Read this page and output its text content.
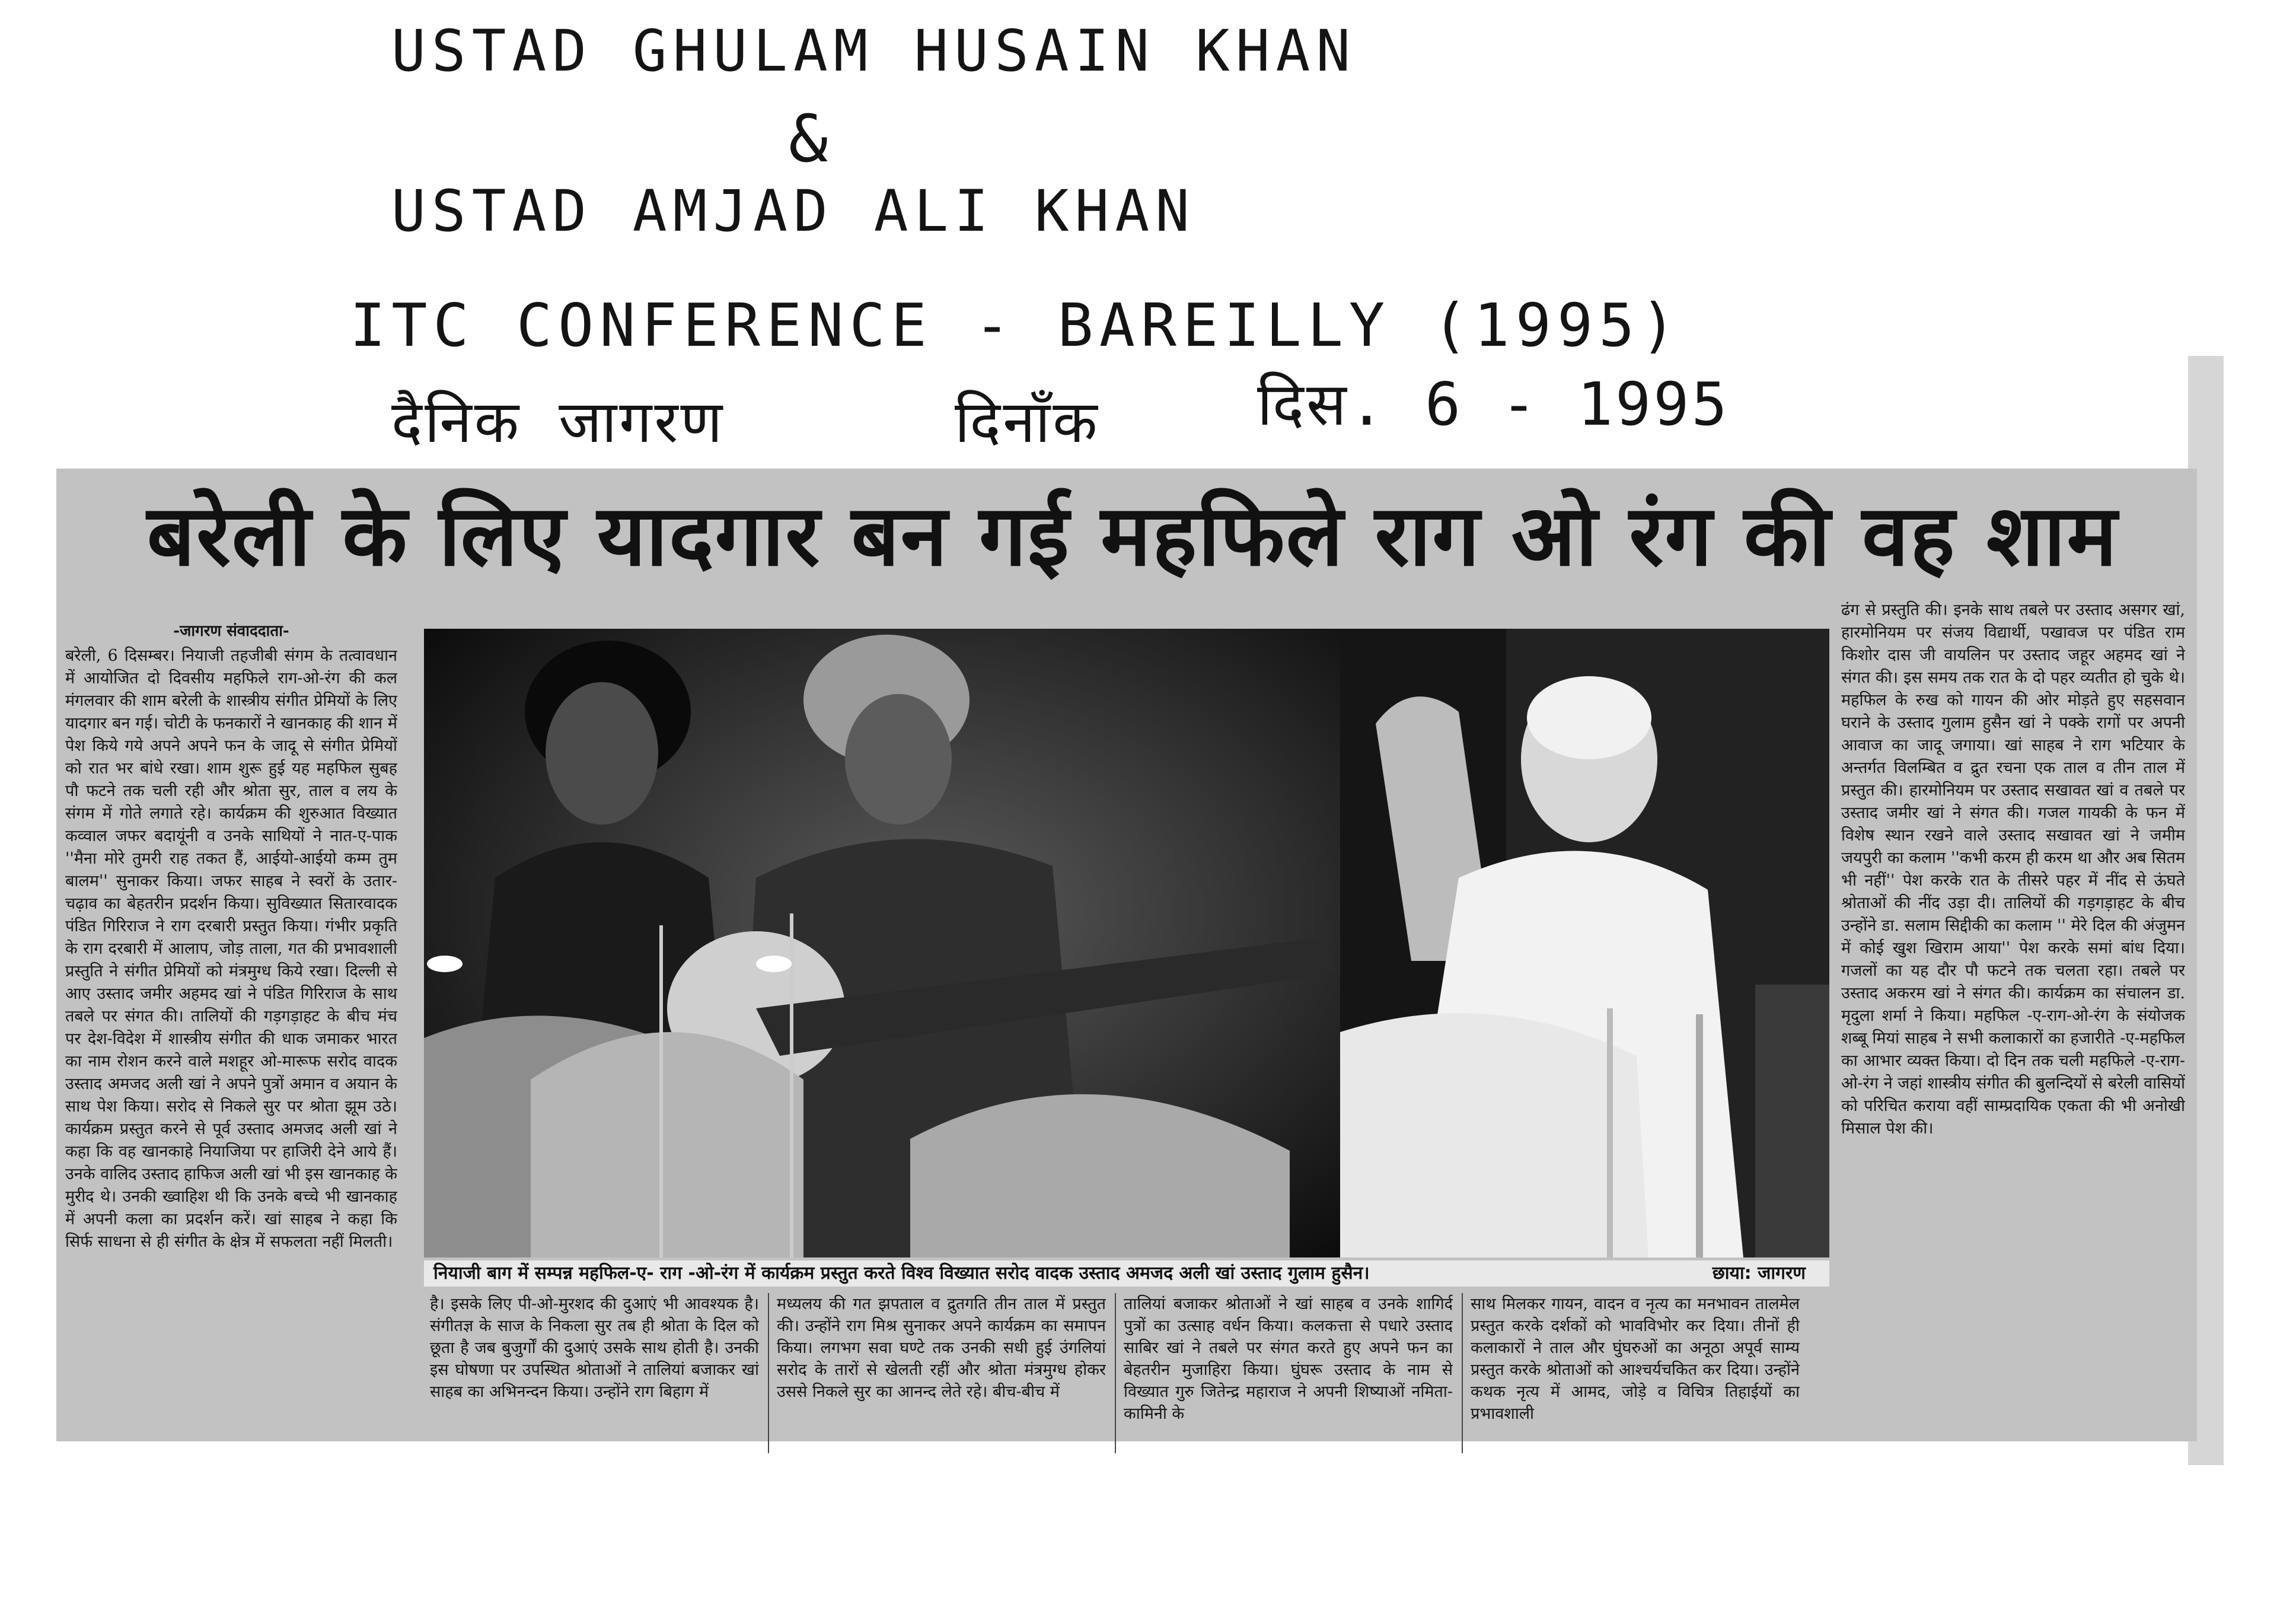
USTAD GHULAM HUSAIN KHAN
&
USTAD AMJAD ALI KHAN
ITC CONFERENCE - BAREILLY (1995)
दैनिक जागरण	दिनाँक	दिस. 6 - 1995
बरेली के लिए यादगार बन गई महफिले राग ओ रंग की वह शाम
-जागरण संवाददाता-
बरेली, 6 दिसम्बर। नियाजी तहजीबी संगम के तत्वावधान में आयोजित दो दिवसीय महफिले राग-ओ-रंग की कल मंगलवार की शाम बरेली के शास्त्रीय संगीत प्रेमियों के लिए यादगार बन गई। चोटी के फनकारों ने खानकाह की शान में पेश किये गये अपने अपने फन के जादू से संगीत प्रेमियों को रात भर बांधे रखा। शाम शुरू हुई यह महफिल सुबह पौ फटने तक चली रही और श्रोता सुर, ताल व लय के संगम में गोते लगाते रहे। कार्यक्रम की शुरुआत विख्यात कव्वाल जफर बदायूंनी व उनके साथियों ने नात-ए-पाक ''मैना मोरे तुमरी राह तकत हैं, आईयो-आईयो कम्म तुम बालम'' सुनाकर किया। जफर साहब ने स्वरों के उतार-चढ़ाव का बेहतरीन प्रदर्शन किया। सुविख्यात सितारवादक पंडित गिरिराज ने राग दरबारी प्रस्तुत किया। गंभीर प्रकृति के राग दरबारी में आलाप, जोड़ ताला, गत की प्रभावशाली प्रस्तुति ने संगीत प्रेमियों को मंत्रमुग्ध किये रखा। दिल्ली से आए उस्ताद जमीर अहमद खां ने पंडित गिरिराज के साथ तबले पर संगत की। तालियों की गड़गड़ाहट के बीच मंच पर देश-विदेश में शास्त्रीय संगीत की धाक जमाकर भारत का नाम रोशन करने वाले मशहूर ओ-मारूफ सरोद वादक उस्ताद अमजद अली खां ने अपने पुत्रों अमान व अयान के साथ पेश किया। सरोद से निकले सुर पर श्रोता झूम उठे। कार्यक्रम प्रस्तुत करने से पूर्व उस्ताद अमजद अली खां ने कहा कि वह खानकाहे नियाजिया पर हाजिरी देने आये हैं। उनके वालिद उस्ताद हाफिज अली खां भी इस खानकाह के मुरीद थे। उनकी ख्वाहिश थी कि उनके बच्चे भी खानकाह में अपनी कला का प्रदर्शन करें। खां साहब ने कहा कि सिर्फ साधना से ही संगीत के क्षेत्र में सफलता नहीं मिलती।
नियाजी बाग में सम्पन्न महफिल-ए- राग -ओ-रंग में कार्यक्रम प्रस्तुत करते विश्व विख्यात सरोद वादक उस्ताद अमजद अली खां उस्ताद गुलाम हुसैन।	छाया: जागरण
है। इसके लिए पी-ओ-मुरशद की दुआएं भी आवश्यक है। संगीतज्ञ के साज के निकला सुर तब ही श्रोता के दिल को छूता है जब बुजुर्गों की दुआएं उसके साथ होती है। उनकी इस घोषणा पर उपस्थित श्रोताओं ने तालियां बजाकर खां साहब का अभिनन्दन किया। उन्होंने राग बिहाग में
मध्यलय की गत झपताल व द्रुतगति तीन ताल में प्रस्तुत की। उन्होंने राग मिश्र सुनाकर अपने कार्यक्रम का समापन किया। लगभग सवा घण्टे तक उनकी सधी हुई उंगलियां सरोद के तारों से खेलती रहीं और श्रोता मंत्रमुग्ध होकर उससे निकले सुर का आनन्द लेते रहे। बीच-बीच में
तालियां बजाकर श्रोताओं ने खां साहब व उनके शागिर्द पुत्रों का उत्साह वर्धन किया। कलकत्ता से पधारे उस्ताद साबिर खां ने तबले पर संगत करते हुए अपने फन का बेहतरीन मुजाहिरा किया। घुंघरू उस्ताद के नाम से विख्यात गुरु जितेन्द्र महाराज ने अपनी शिष्याओं नमिता-कामिनी के
साथ मिलकर गायन, वादन व नृत्य का मनभावन तालमेल प्रस्तुत करके दर्शकों को भावविभोर कर दिया। तीनों ही कलाकारों ने ताल और घुंघरुओं का अनूठा अपूर्व साम्य प्रस्तुत करके श्रोताओं को आश्चर्यचकित कर दिया। उन्होंने कथक नृत्य में आमद, जोड़े व विचित्र तिहाईयों का प्रभावशाली
ढंग से प्रस्तुति की। इनके साथ तबले पर उस्ताद असगर खां, हारमोनियम पर संजय विद्यार्थी, पखावज पर पंडित राम किशोर दास जी वायलिन पर उस्ताद जहूर अहमद खां ने संगत की। इस समय तक रात के दो पहर व्यतीत हो चुके थे। महफिल के रुख को गायन की ओर मोड़ते हुए सहसवान घराने के उस्ताद गुलाम हुसैन खां ने पक्के रागों पर अपनी आवाज का जादू जगाया। खां साहब ने राग भटियार के अन्तर्गत विलम्बित व द्रुत रचना एक ताल व तीन ताल में प्रस्तुत की। हारमोनियम पर उस्ताद सखावत खां व तबले पर उस्ताद जमीर खां ने संगत की। गजल गायकी के फन में विशेष स्थान रखने वाले उस्ताद सखावत खां ने जमीम जयपुरी का कलाम ''कभी करम ही करम था और अब सितम भी नहीं'' पेश करके रात के तीसरे पहर में नींद से ऊंघते श्रोताओं की नींद उड़ा दी। तालियों की गड़गड़ाहट के बीच उन्होंने डा. सलाम सिद्दीकी का कलाम '' मेरे दिल की अंजुमन में कोई खुश खिराम आया'' पेश करके समां बांध दिया। गजलों का यह दौर पौ फटने तक चलता रहा। तबले पर उस्ताद अकरम खां ने संगत की। कार्यक्रम का संचालन डा. मृदुला शर्मा ने किया। महफिल -ए-राग-ओ-रंग के संयोजक शब्बू मियां साहब ने सभी कलाकारों का हजारीते -ए-महफिल का आभार व्यक्त किया। दो दिन तक चली महफिले -ए-राग-ओ-रंग ने जहां शास्त्रीय संगीत की बुलन्दियों से बरेली वासियों को परिचित कराया वहीं साम्प्रदायिक एकता की भी अनोखी मिसाल पेश की।
